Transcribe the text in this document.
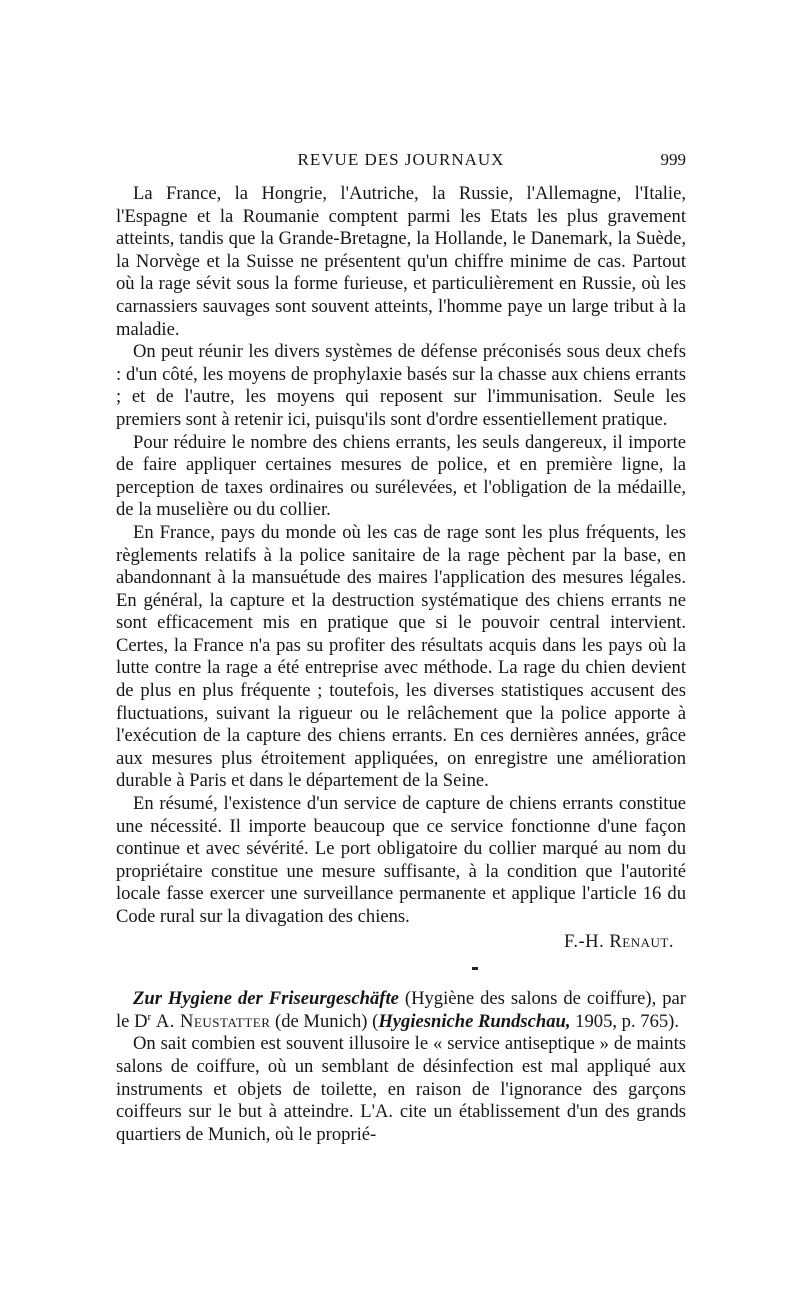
REVUE DES JOURNAUX	999

La France, la Hongrie, l'Autriche, la Russie, l'Allemagne, l'Italie, l'Espagne et la Roumanie comptent parmi les Etats les plus gravement atteints, tandis que la Grande-Bretagne, la Hollande, le Danemark, la Suède, la Norvège et la Suisse ne présentent qu'un chiffre minime de cas. Partout où la rage sévit sous la forme furieuse, et particulièrement en Russie, où les carnassiers sauvages sont souvent atteints, l'homme paye un large tribut à la maladie.

On peut réunir les divers systèmes de défense préconisés sous deux chefs : d'un côté, les moyens de prophylaxie basés sur la chasse aux chiens errants ; et de l'autre, les moyens qui reposent sur l'immunisation. Seule les premiers sont à retenir ici, puisqu'ils sont d'ordre essentiellement pratique.

Pour réduire le nombre des chiens errants, les seuls dangereux, il importe de faire appliquer certaines mesures de police, et en première ligne, la perception de taxes ordinaires ou surélevées, et l'obligation de la médaille, de la muselière ou du collier.

En France, pays du monde où les cas de rage sont les plus fréquents, les règlements relatifs à la police sanitaire de la rage pèchent par la base, en abandonnant à la mansuétude des maires l'application des mesures légales. En général, la capture et la destruction systématique des chiens errants ne sont efficacement mis en pratique que si le pouvoir central intervient. Certes, la France n'a pas su profiter des résultats acquis dans les pays où la lutte contre la rage a été entreprise avec méthode. La rage du chien devient de plus en plus fréquente ; toutefois, les diverses statistiques accusent des fluctuations, suivant la rigueur ou le relâchement que la police apporte à l'exécution de la capture des chiens errants. En ces dernières années, grâce aux mesures plus étroitement appliquées, on enregistre une amélioration durable à Paris et dans le département de la Seine.

En résumé, l'existence d'un service de capture de chiens errants constitue une nécessité. Il importe beaucoup que ce service fonctionne d'une façon continue et avec sévérité. Le port obligatoire du collier marqué au nom du propriétaire constitue une mesure suffisante, à la condition que l'autorité locale fasse exercer une surveillance permanente et applique l'article 16 du Code rural sur la divagation des chiens.

F.-H. Renaut.

Zur Hygiene der Friseurgeschäfte (Hygiène des salons de coiffure), par le $D^r$ A. Neustatter (de Munich) (Hygiesniche Rundschau, 1905, p. 765).

On sait combien est souvent illusoire le « service antiseptique » de maints salons de coiffure, où un semblant de désinfection est mal appliqué aux instruments et objets de toilette, en raison de l'ignorance des garçons coiffeurs sur le but à atteindre. L'A. cite un établissement d'un des grands quartiers de Munich, où le proprié-
